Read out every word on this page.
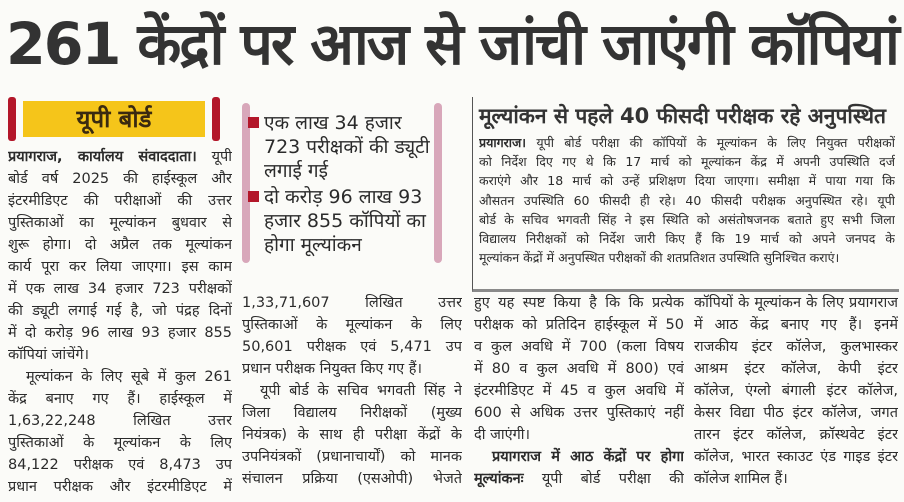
261 केंद्रों पर आज से जांची जाएंगी कॉपियां
यूपी बोर्ड
प्रयागराज, कार्यालय संवाददाता। यूपी
बोर्ड वर्ष 2025 की हाईस्कूल और
इंटरमीडिएट की परीक्षाओं की उत्तर
पुस्तिकाओं का मूल्यांकन बुधवार से
शुरू होगा। दो अप्रैल तक मूल्यांकन
कार्य पूरा कर लिया जाएगा। इस काम
में एक लाख 34 हजार 723 परीक्षकों
की ड्यूटी लगाई गई है, जो पंद्रह दिनों
में दो करोड़ 96 लाख 93 हजार 855
कॉपियां जांचेंगे।
मूल्यांकन के लिए सूबे में कुल 261
केंद्र बनाए गए हैं। हाईस्कूल में
1,63,22,248 लिखित उत्तर
पुस्तिकाओं के मूल्यांकन के लिए
84,122 परीक्षक एवं 8,473 उप
प्रधान परीक्षक और इंटरमीडिएट में
एक लाख 34 हजार 723 परीक्षकों की ड्यूटी लगाई गई
दो करोड़ 96 लाख 93 हजार 855 कॉपियों का होगा मूल्यांकन
1,33,71,607 लिखित उत्तर
पुस्तिकाओं के मूल्यांकन के लिए
50,601 परीक्षक एवं 5,471 उप
प्रधान परीक्षक नियुक्त किए गए हैं।
यूपी बोर्ड के सचिव भगवती सिंह ने
जिला विद्यालय निरीक्षकों (मुख्य
नियंत्रक) के साथ ही परीक्षा केंद्रों के
उपनियंत्रकों (प्रधानाचार्यों) को मानक
संचालन प्रक्रिया (एसओपी) भेजते
हुए यह स्पष्ट किया है कि कि प्रत्येक
परीक्षक को प्रतिदिन हाईस्कूल में 50
व कुल अवधि में 700 (कला विषय
में 80 व कुल अवधि में 800) एवं
इंटरमीडिएट में 45 व कुल अवधि में
600 से अधिक उत्तर पुस्तिकाएं नहीं
दी जाएंगी।
प्रयागराज में आठ केंद्रों पर होगा
मूल्यांकनः यूपी बोर्ड परीक्षा की
कॉपियों के मूल्यांकन के लिए प्रयागराज
में आठ केंद्र बनाए गए हैं। इनमें
राजकीय इंटर कॉलेज, कुलभास्कर
आश्रम इंटर कॉलेज, केपी इंटर
कॉलेज, एंग्लो बंगाली इंटर कॉलेज,
केसर विद्या पीठ इंटर कॉलेज, जगत
तारन इंटर कॉलेज, क्रॉस्थवेट इंटर
कॉलेज, भारत स्काउट एंड गाइड इंटर
कॉलेज शामिल हैं।
मूल्यांकन से पहले 40 फीसदी परीक्षक रहे अनुपस्थित
प्रयागराज। यूपी बोर्ड परीक्षा की कॉपियों के मूल्यांकन के लिए नियुक्त परीक्षकों
को निर्देश दिए गए थे कि 17 मार्च को मूल्यांकन केंद्र में अपनी उपस्थिति दर्ज
कराएंगे और 18 मार्च को उन्हें प्रशिक्षण दिया जाएगा। समीक्षा में पाया गया कि
औसतन उपस्थिति 60 फीसदी ही रहे। 40 फीसदी परीक्षक अनुपस्थित रहे। यूपी
बोर्ड के सचिव भगवती सिंह ने इस स्थिति को असंतोषजनक बताते हुए सभी जिला
विद्यालय निरीक्षकों को निर्देश जारी किए हैं कि 19 मार्च को अपने जनपद के
मूल्यांकन केंद्रों में अनुपस्थित परीक्षकों की शतप्रतिशत उपस्थिति सुनिश्चित कराएं।
